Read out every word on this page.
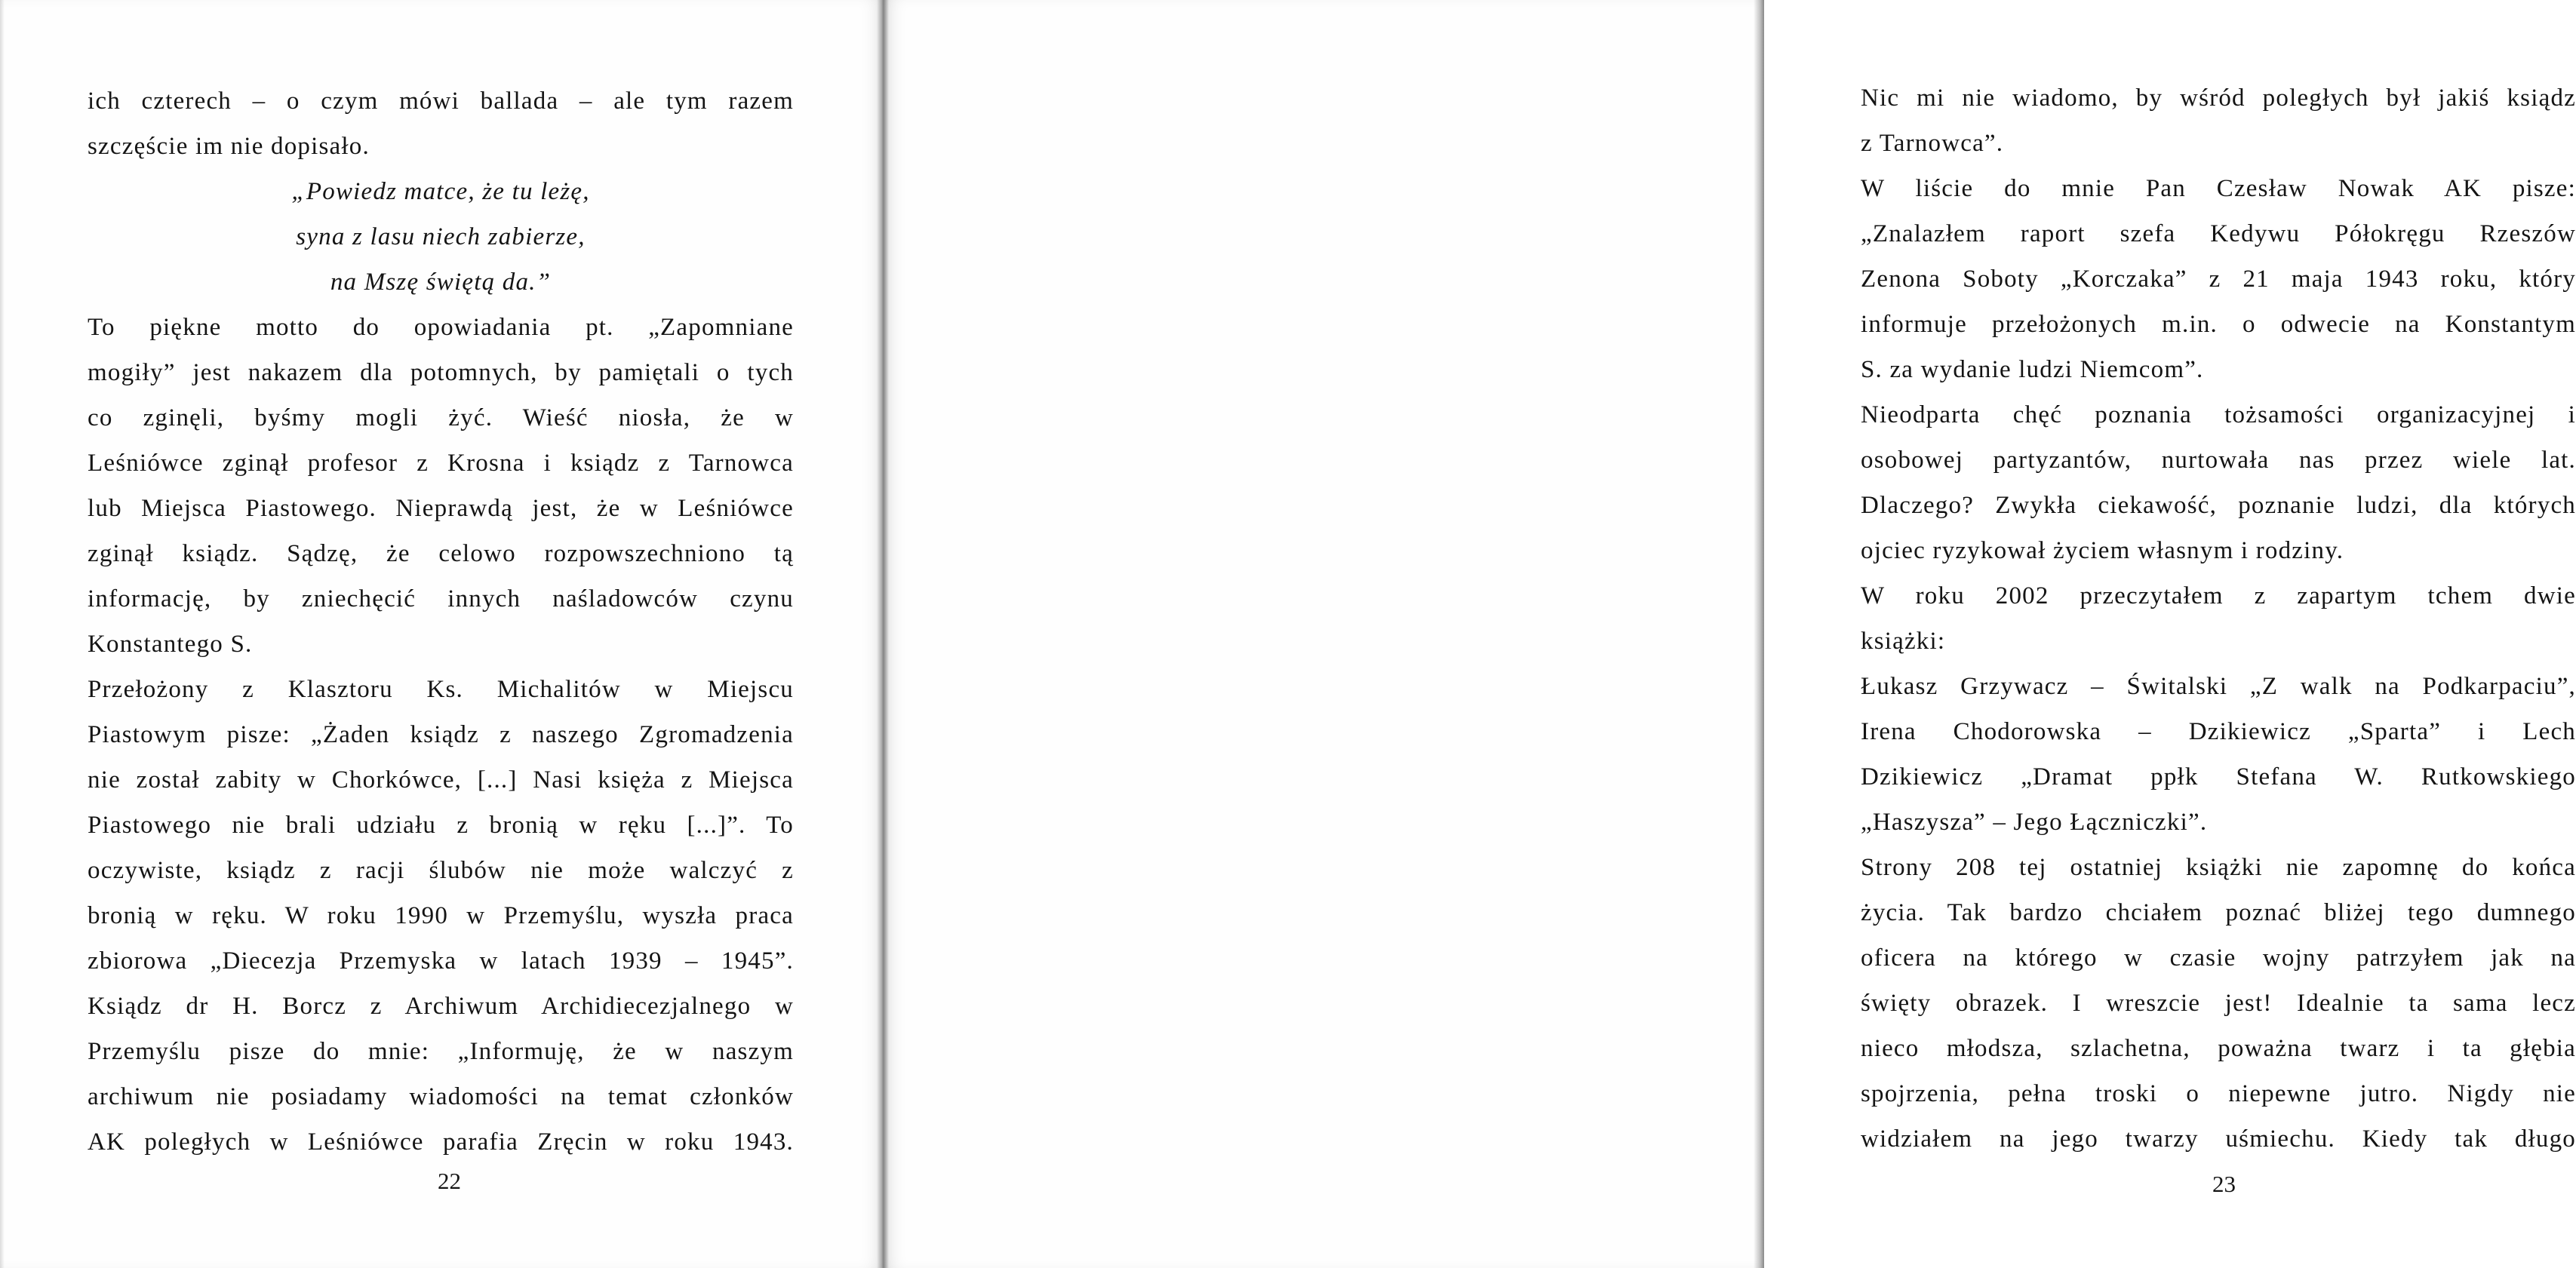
ich czterech – o czym mówi ballada – ale tym razem
szczęście im nie dopisało.
„Powiedz matce, że tu leżę,
syna z lasu niech zabierze,
na Mszę świętą da.”
To piękne motto do opowiadania pt. „Zapomniane
mogiły” jest nakazem dla potomnych, by pamiętali o tych
co zginęli, byśmy mogli żyć. Wieść niosła, że w
Leśniówce zginął profesor z Krosna i ksiądz z Tarnowca
lub Miejsca Piastowego. Nieprawdą jest, że w Leśniówce
zginął ksiądz. Sądzę, że celowo rozpowszechniono tą
informację, by zniechęcić innych naśladowców czynu
Konstantego S.
Przełożony z Klasztoru Ks. Michalitów w Miejscu
Piastowym pisze: „Żaden ksiądz z naszego Zgromadzenia
nie został zabity w Chorkówce, [...] Nasi księża z Miejsca
Piastowego nie brali udziału z bronią w ręku [...]”. To
oczywiste, ksiądz z racji ślubów nie może walczyć z
bronią w ręku. W roku 1990 w Przemyślu, wyszła praca
zbiorowa „Diecezja Przemyska w latach 1939 – 1945”.
Ksiądz dr H. Borcz z Archiwum Archidiecezjalnego w
Przemyślu pisze do mnie: „Informuję, że w naszym
archiwum nie posiadamy wiadomości na temat członków
AK poległych w Leśniówce parafia Zręcin w roku 1943.
22
Nic mi nie wiadomo, by wśród poległych był jakiś ksiądz
z Tarnowca”.
W liście do mnie Pan Czesław Nowak AK pisze:
„Znalazłem raport szefa Kedywu Półokręgu Rzeszów
Zenona Soboty „Korczaka” z 21 maja 1943 roku, który
informuje przełożonych m.in. o odwecie na Konstantym
S. za wydanie ludzi Niemcom”.
Nieodparta chęć poznania tożsamości organizacyjnej i
osobowej partyzantów, nurtowała nas przez wiele lat.
Dlaczego? Zwykła ciekawość, poznanie ludzi, dla których
ojciec ryzykował życiem własnym i rodziny.
W roku 2002 przeczytałem z zapartym tchem dwie
książki:
Łukasz Grzywacz – Świtalski „Z walk na Podkarpaciu”,
Irena Chodorowska – Dzikiewicz „Sparta” i Lech
Dzikiewicz „Dramat ppłk Stefana W. Rutkowskiego
„Haszysza” – Jego Łączniczki”.
Strony 208 tej ostatniej książki nie zapomnę do końca
życia. Tak bardzo chciałem poznać bliżej tego dumnego
oficera na którego w czasie wojny patrzyłem jak na
święty obrazek. I wreszcie jest! Idealnie ta sama lecz
nieco młodsza, szlachetna, poważna twarz i ta głębia
spojrzenia, pełna troski o niepewne jutro. Nigdy nie
widziałem na jego twarzy uśmiechu. Kiedy tak długo
23
